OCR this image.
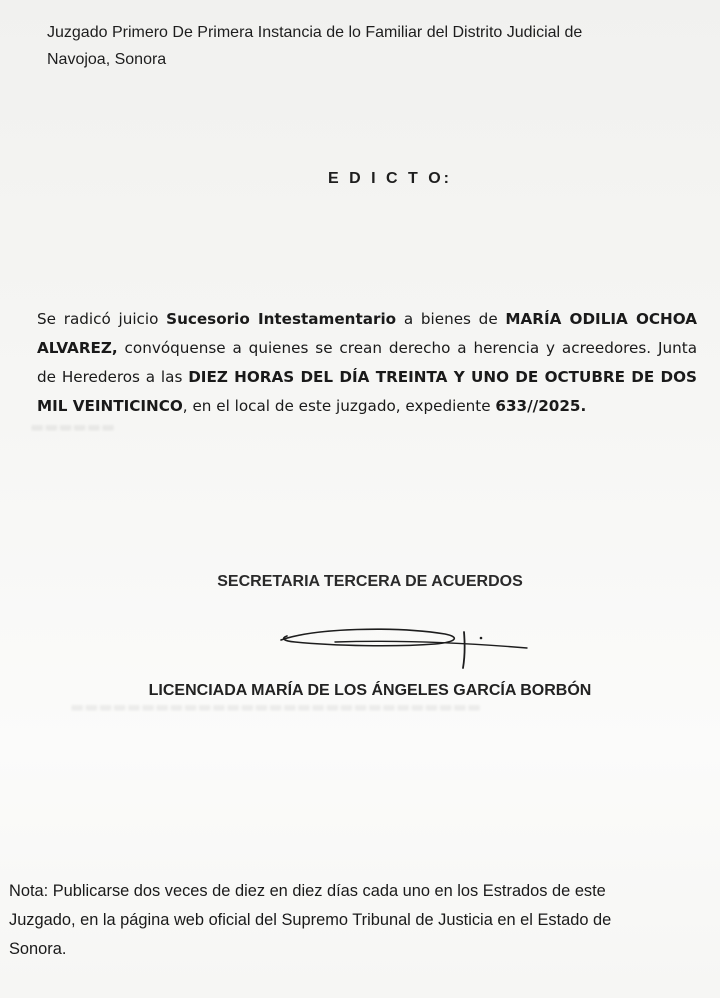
Juzgado Primero De Primera Instancia de lo Familiar del Distrito Judicial de
Navojoa, Sonora
E D I C T O:
Se radicó juicio Sucesorio Intestamentario a bienes de MARÍA ODILIA OCHOA ALVAREZ, convóquense a quienes se crean derecho a herencia y acreedores. Junta de Herederos a las DIEZ HORAS DEL DÍA TREINTA Y UNO DE OCTUBRE DE DOS MIL VEINTICINCO, en el local de este juzgado, expediente 633//2025.
▬▬▬▬▬▬
▬▬▬▬▬▬▬▬▬▬▬▬▬▬▬▬▬▬▬▬▬▬▬▬▬▬▬▬▬
SECRETARIA TERCERA DE ACUERDOS
LICENCIADA MARÍA DE LOS ÁNGELES GARCÍA BORBÓN
Nota: Publicarse dos veces de diez en diez días cada uno en los Estrados de este
Juzgado, en la página web oficial del Supremo Tribunal de Justicia en el Estado de
Sonora.
